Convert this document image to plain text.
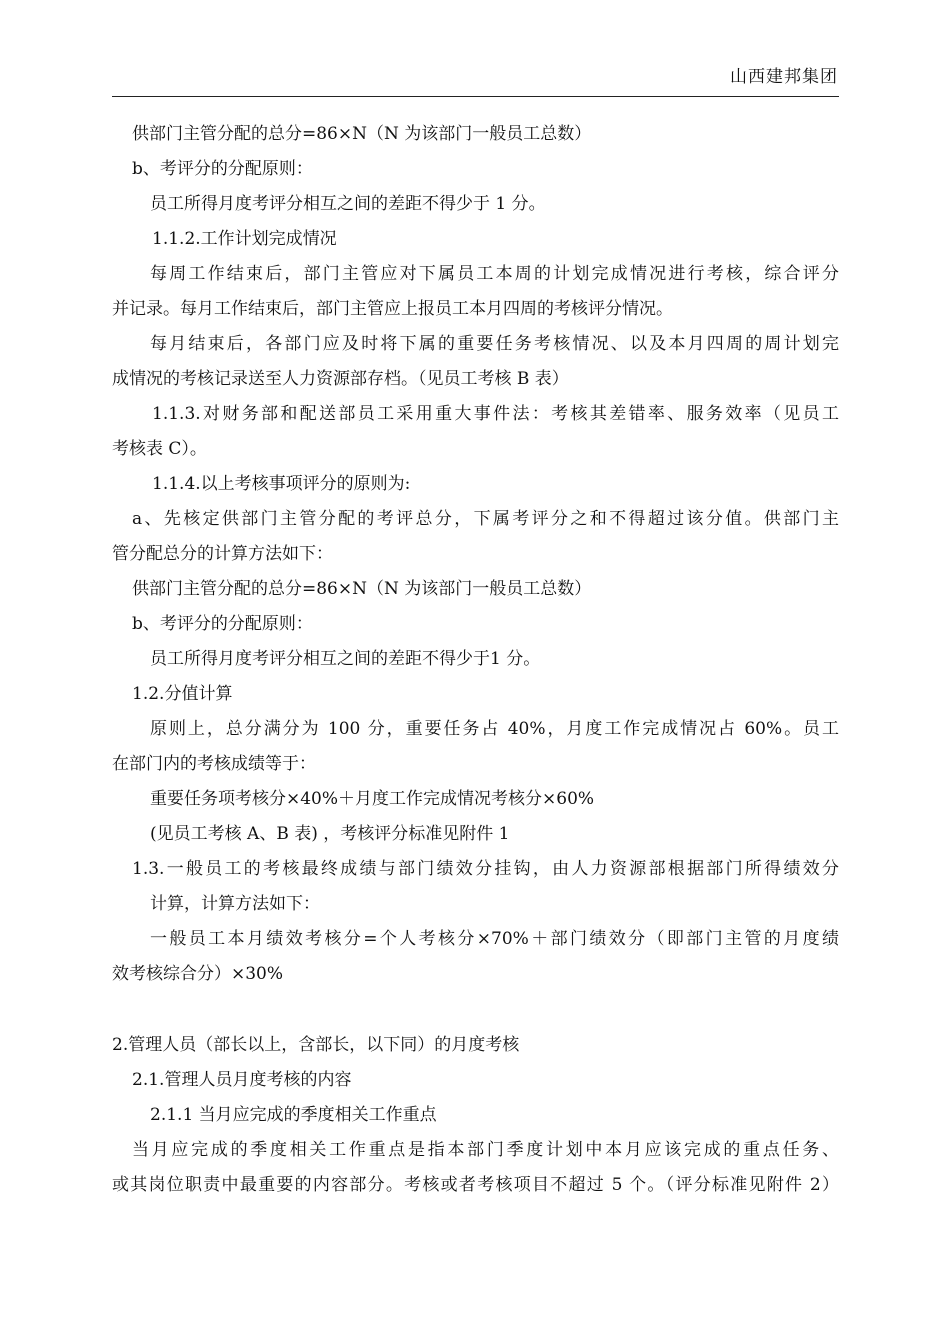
山西建邦集团
供部门主管分配的总分=86×N（N 为该部门一般员工总数）
b、考评分的分配原则：
员工所得月度考评分相互之间的差距不得少于 1 分。
1.1.2.工作计划完成情况
每周工作结束后，部门主管应对下属员工本周的计划完成情况进行考核，综合评分
并记录。每月工作结束后，部门主管应上报员工本月四周的考核评分情况。
每月结束后，各部门应及时将下属的重要任务考核情况、以及本月四周的周计划完
成情况的考核记录送至人力资源部存档。（见员工考核 B 表）
1.1.3.对财务部和配送部员工采用重大事件法：考核其差错率、服务效率（见员工
考核表 C）。
1.1.4.以上考核事项评分的原则为:
a、先核定供部门主管分配的考评总分，下属考评分之和不得超过该分值。供部门主
管分配总分的计算方法如下：
供部门主管分配的总分=86×N（N 为该部门一般员工总数）
b、考评分的分配原则：
员工所得月度考评分相互之间的差距不得少于1 分。
1.2.分值计算
原则上，总分满分为 100 分，重要任务占 40%，月度工作完成情况占 60%。员工
在部门内的考核成绩等于：
重要任务项考核分×40%＋月度工作完成情况考核分×60%
(见员工考核 A、B 表) ，考核评分标准见附件 1
1.3.一般员工的考核最终成绩与部门绩效分挂钩，由人力资源部根据部门所得绩效分
计算，计算方法如下：
一般员工本月绩效考核分=个人考核分×70%＋部门绩效分（即部门主管的月度绩
效考核综合分）×30%
2.管理人员（部长以上，含部长，以下同）的月度考核
2.1.管理人员月度考核的内容
2.1.1 当月应完成的季度相关工作重点
当月应完成的季度相关工作重点是指本部门季度计划中本月应该完成的重点任务、
或其岗位职责中最重要的内容部分。考核或者考核项目不超过 5 个。（评分标准见附件 2）
